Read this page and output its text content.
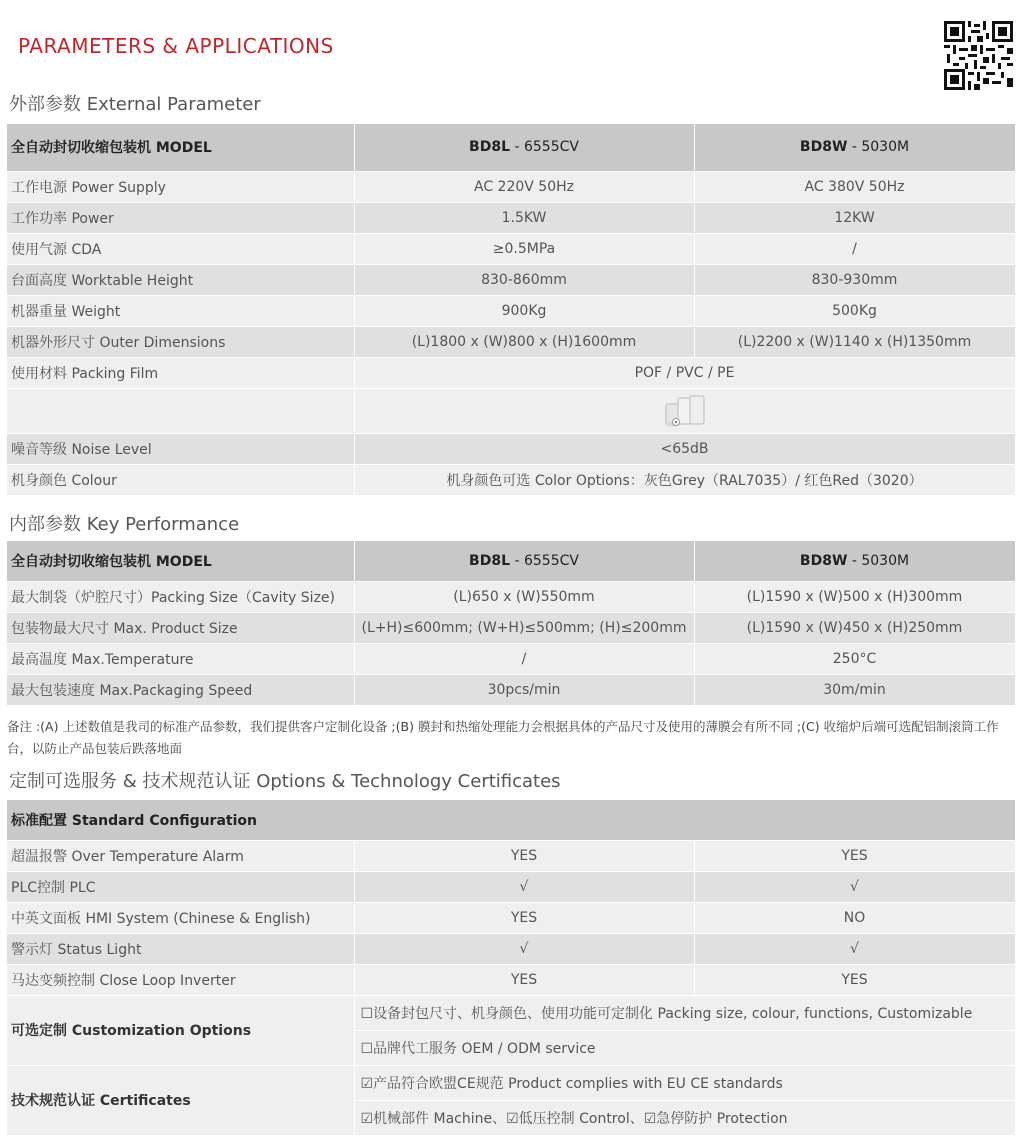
PARAMETERS & APPLICATIONS
外部参数 External Parameter
全自动封切收缩包装机 MODEL	BD8L - 6555CV	BD8W - 5030M
工作电源 Power Supply	AC 220V 50Hz	AC 380V 50Hz
工作功率 Power	1.5KW	12KW
使用气源 CDA	≥0.5MPa	/
台面高度 Worktable Height	830-860mm	830-930mm
机器重量 Weight	900Kg	500Kg
机器外形尺寸 Outer Dimensions	(L)1800 x (W)800 x (H)1600mm	(L)2200 x (W)1140 x (H)1350mm
使用材料 Packing Film	POF / PVC / PE	

噪音等级 Noise Level	<65dB	
机身颜色 Colour	机身颜色可选 Color Options：灰色Grey（RAL7035）/ 红色Red（3020）	
内部参数 Key Performance
全自动封切收缩包装机 MODEL	BD8L - 6555CV	BD8W - 5030M
最大制袋（炉腔尺寸）Packing Size（Cavity Size)	(L)650 x (W)550mm	(L)1590 x (W)500 x (H)300mm
包装物最大尺寸 Max. Product Size	(L+H)≤600mm; (W+H)≤500mm; (H)≤200mm	(L)1590 x (W)450 x (H)250mm
最高温度 Max.Temperature	/	250°C
最大包装速度 Max.Packaging Speed	30pcs/min	30m/min
备注 :(A) 上述数值是我司的标准产品参数，我们提供客户定制化设备 ;(B) 膜封和热缩处理能力会根据具体的产品尺寸及使用的薄膜会有所不同 ;(C) 收缩炉后端可选配铝制滚筒工作台，以防止产品包装后跌落地面
定制可选服务 & 技术规范认证 Options & Technology Certificates
标准配置 Standard Configuration		
超温报警 Over Temperature Alarm	YES	YES
PLC控制 PLC	√	√
中英文面板 HMI System (Chinese & English)	YES	NO
警示灯 Status Light	√	√
马达变频控制 Close Loop Inverter	YES	YES
可选定制 Customization Options	☐设备封包尺寸、机身颜色、使用功能可定制化 Packing size, colour, functions, Customizable	
	☐品牌代工服务 OEM / ODM service	
技术规范认证 Certificates	☑产品符合欧盟CE规范 Product complies with EU CE standards	
	☑机械部件 Machine、☑低压控制 Control、☑急停防护 Protection	
